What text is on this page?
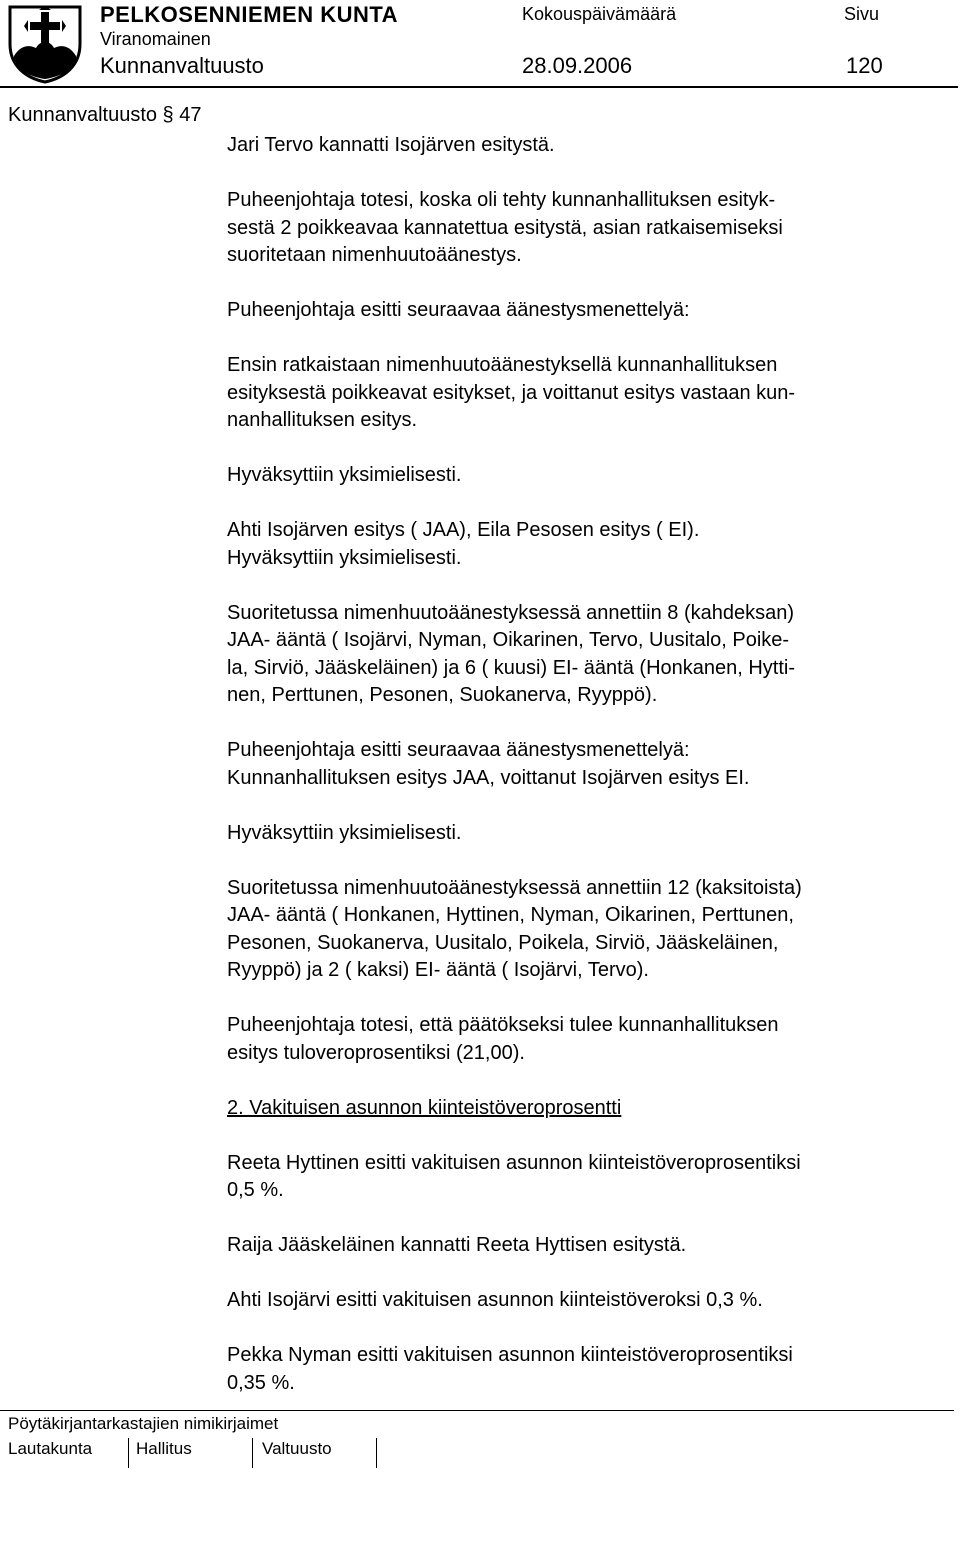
PELKOSENNIEMEN KUNTA	Kokouspäivämäärä	Sivu
Viranomainen
Kunnanvaltuusto	28.09.2006	120
Kunnanvaltuusto § 47

Jari Tervo kannatti Isojärven esitystä.

Puheenjohtaja totesi, koska oli tehty kunnanhallituksen esityk-

sestä 2 poikkeavaa kannatettua esitystä, asian ratkaisemiseksi

suoritetaan nimenhuutoäänestys.

Puheenjohtaja esitti seuraavaa äänestysmenettelyä:

Ensin ratkaistaan nimenhuutoäänestyksellä kunnanhallituksen

esityksestä poikkeavat esitykset, ja voittanut esitys vastaan kun-

nanhallituksen esitys.

Hyväksyttiin yksimielisesti.

Ahti Isojärven esitys ( JAA), Eila Pesosen esitys ( EI).

Hyväksyttiin yksimielisesti.

Suoritetussa nimenhuutoäänestyksessä annettiin 8 (kahdeksan)

JAA- ääntä ( Isojärvi, Nyman, Oikarinen, Tervo, Uusitalo, Poike-

la, Sirviö, Jääskeläinen) ja 6 ( kuusi) EI- ääntä (Honkanen, Hytti-

nen, Perttunen, Pesonen, Suokanerva, Ryyppö).

Puheenjohtaja esitti seuraavaa äänestysmenettelyä:

Kunnanhallituksen esitys JAA, voittanut Isojärven esitys EI.

Hyväksyttiin yksimielisesti.

Suoritetussa nimenhuutoäänestyksessä annettiin 12 (kaksitoista)

JAA- ääntä ( Honkanen, Hyttinen, Nyman, Oikarinen, Perttunen,

Pesonen, Suokanerva, Uusitalo, Poikela, Sirviö, Jääskeläinen,

Ryyppö) ja 2 ( kaksi) EI- ääntä ( Isojärvi, Tervo).

Puheenjohtaja totesi, että päätökseksi tulee kunnanhallituksen

esitys tuloveroprosentiksi (21,00).

2. Vakituisen asunnon kiinteistöveroprosentti

Reeta Hyttinen esitti vakituisen asunnon kiinteistöveroprosentiksi

0,5 %.

Raija Jääskeläinen kannatti Reeta Hyttisen esitystä.

Ahti Isojärvi esitti vakituisen asunnon kiinteistöveroksi 0,3 %.

Pekka Nyman esitti vakituisen asunnon kiinteistöveroprosentiksi

0,35 %.

Pöytäkirjantarkastajien nimikirjaimet
Lautakunta	Hallitus	Valtuusto
